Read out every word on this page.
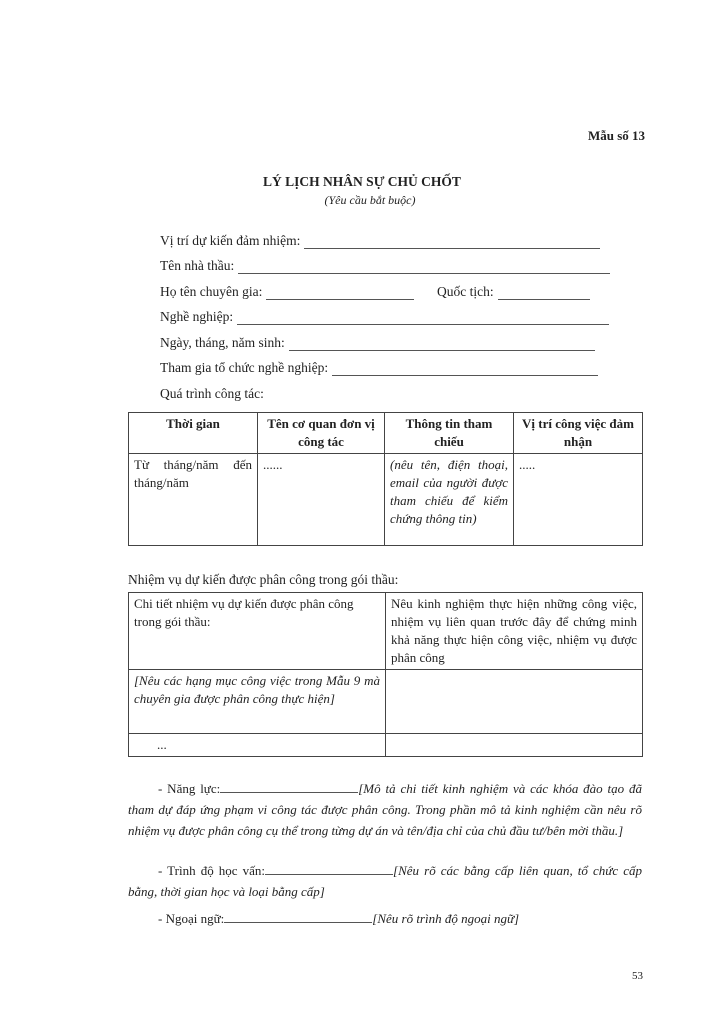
Mẫu số 13
LÝ LỊCH NHÂN SỰ CHỦ CHỐT
(Yêu cầu bắt buộc)
Vị trí dự kiến đảm nhiệm:
Tên nhà thầu:
Họ tên chuyên gia:	Quốc tịch:
Nghề nghiệp:
Ngày, tháng, năm sinh:
Tham gia tổ chức nghề nghiệp:
Quá trình công tác:
Thời gian	Tên cơ quan đơn vị công tác	Thông tin tham chiếu	Vị trí công việc đảm nhận
Từ tháng/năm đến tháng/năm	......	(nêu tên, điện thoại, email của người được tham chiếu để kiểm chứng thông tin)	.....
Nhiệm vụ dự kiến được phân công trong gói thầu:
Chi tiết nhiệm vụ dự kiến được phân công trong gói thầu:	Nêu kinh nghiệm thực hiện những công việc, nhiệm vụ liên quan trước đây để chứng minh khả năng thực hiện công việc, nhiệm vụ được phân công
[Nêu các hạng mục công việc trong Mẫu 9 mà chuyên gia được phân công thực hiện]	
...	
- Năng lực:	[Mô tả chi tiết kinh nghiệm và các khóa đào tạo đã tham dự đáp ứng phạm vi công tác được phân công. Trong phần mô tả kinh nghiệm cần nêu rõ nhiệm vụ được phân công cụ thể trong từng dự án và tên/địa chỉ của chủ đầu tư/bên mời thầu.]
- Trình độ học vấn:	[Nêu rõ các bằng cấp liên quan, tổ chức cấp bằng, thời gian học và loại bằng cấp]
- Ngoại ngữ:	[Nêu rõ trình độ ngoại ngữ]
53
